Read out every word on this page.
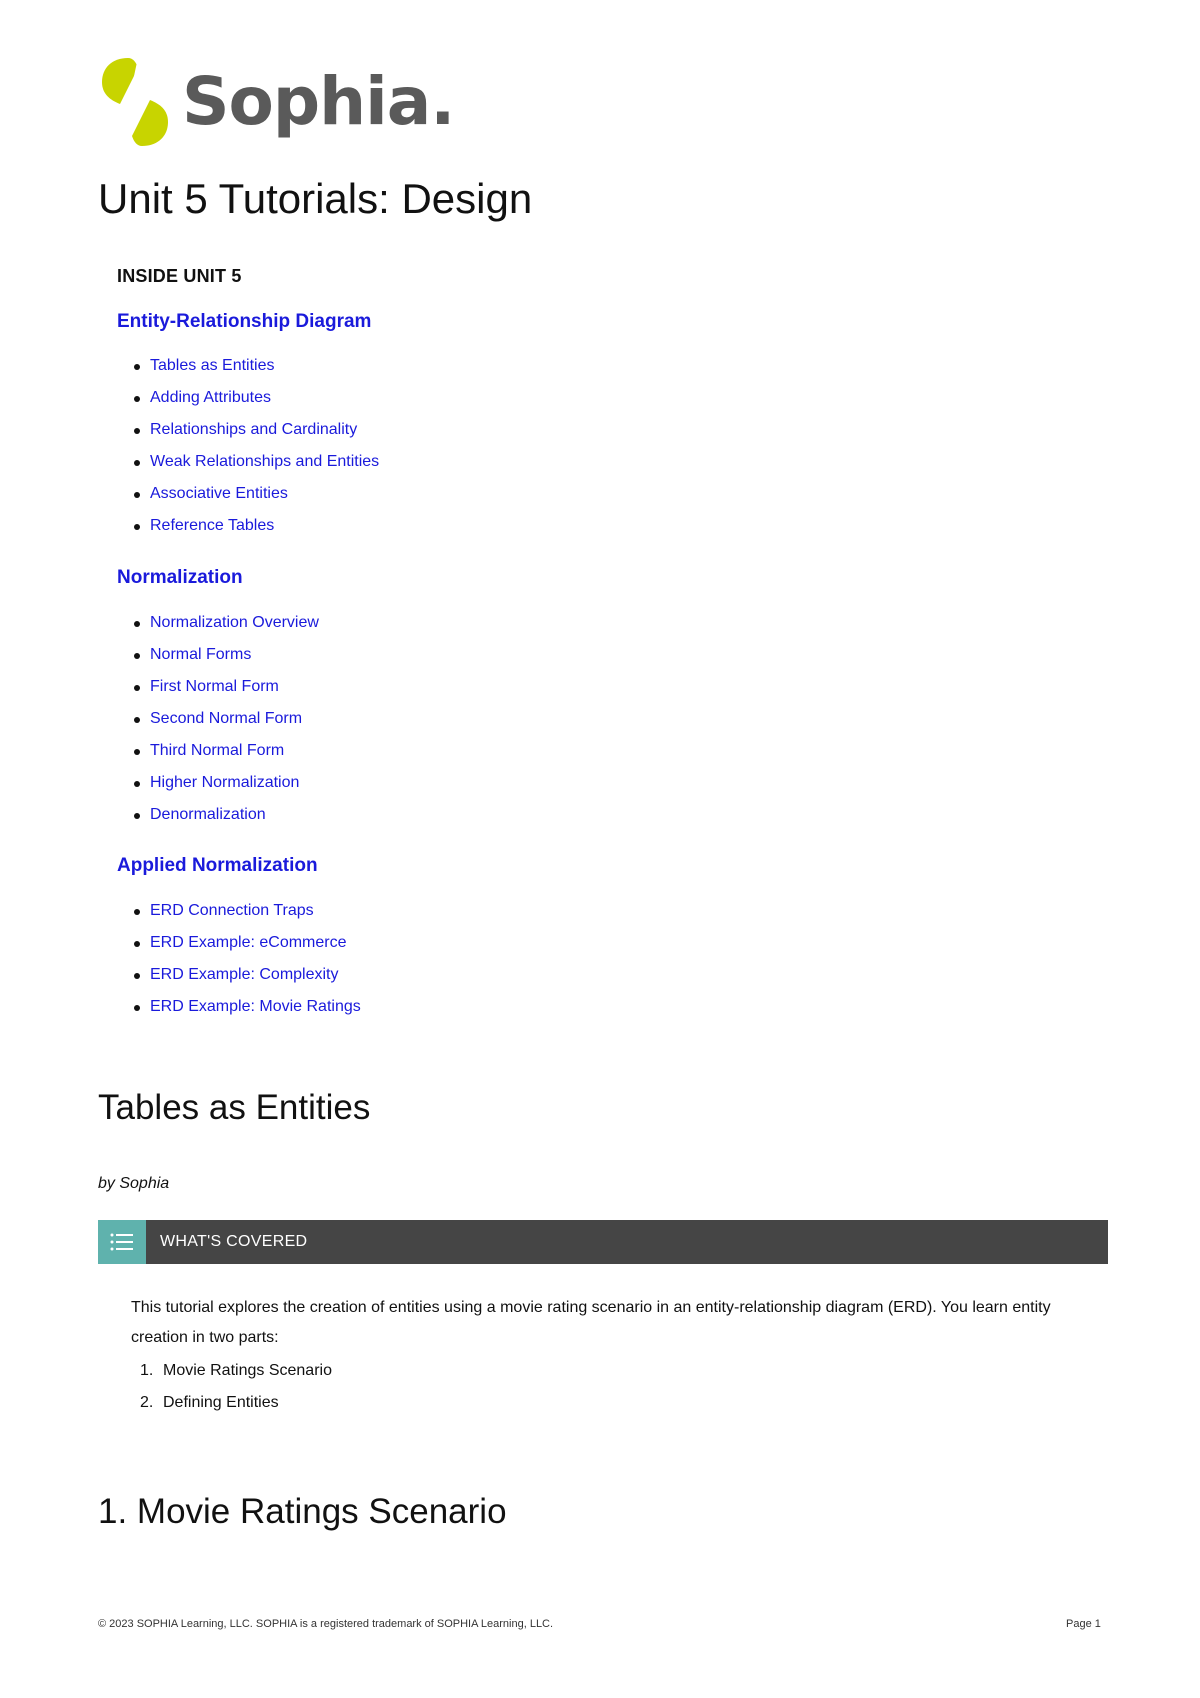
Sophia.
Unit 5 Tutorials: Design
INSIDE UNIT 5
Entity-Relationship Diagram
Tables as Entities
Adding Attributes
Relationships and Cardinality
Weak Relationships and Entities
Associative Entities
Reference Tables
Normalization
Normalization Overview
Normal Forms
First Normal Form
Second Normal Form
Third Normal Form
Higher Normalization
Denormalization
Applied Normalization
ERD Connection Traps
ERD Example: eCommerce
ERD Example: Complexity
ERD Example: Movie Ratings
Tables as Entities
by Sophia
WHAT'S COVERED

This tutorial explores the creation of entities using a movie rating scenario in an entity-relationship diagram (ERD). You learn entity creation in two parts:

1. Movie Ratings Scenario
2. Defining Entities
1. Movie Ratings Scenario
© 2023 SOPHIA Learning, LLC. SOPHIA is a registered trademark of SOPHIA Learning, LLC.	Page 1
